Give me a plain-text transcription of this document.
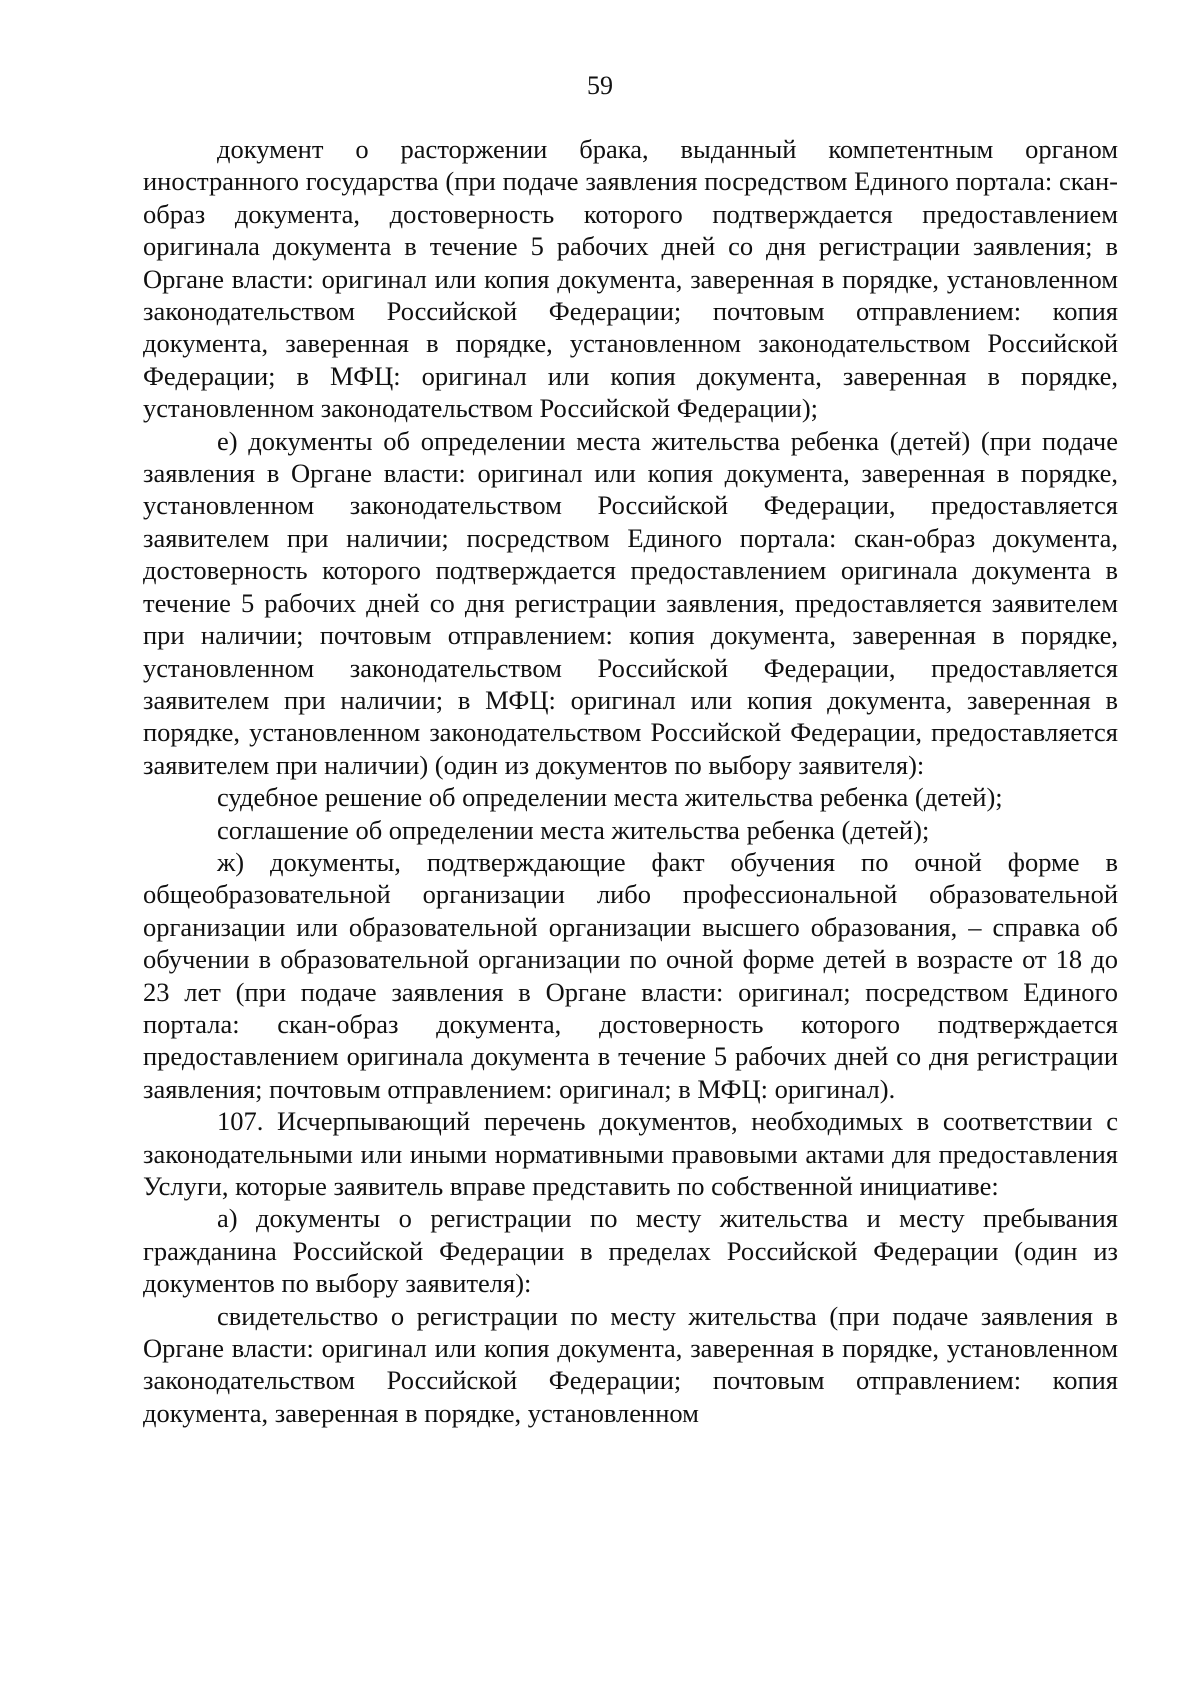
59

документ о расторжении брака, выданный компетентным органом иностранного государства (при подаче заявления посредством Единого портала: скан-образ документа, достоверность которого подтверждается предоставлением оригинала документа в течение 5 рабочих дней со дня регистрации заявления; в Органе власти: оригинал или копия документа, заверенная в порядке, установленном законодательством Российской Федерации; почтовым отправлением: копия документа, заверенная в порядке, установленном законодательством Российской Федерации; в МФЦ: оригинал или копия документа, заверенная в порядке, установленном законодательством Российской Федерации);

е) документы об определении места жительства ребенка (детей) (при подаче заявления в Органе власти: оригинал или копия документа, заверенная в порядке, установленном законодательством Российской Федерации, предоставляется заявителем при наличии; посредством Единого портала: скан-образ документа, достоверность которого подтверждается предоставлением оригинала документа в течение 5 рабочих дней со дня регистрации заявления, предоставляется заявителем при наличии; почтовым отправлением: копия документа, заверенная в порядке, установленном законодательством Российской Федерации, предоставляется заявителем при наличии; в МФЦ: оригинал или копия документа, заверенная в порядке, установленном законодательством Российской Федерации, предоставляется заявителем при наличии) (один из документов по выбору заявителя):

судебное решение об определении места жительства ребенка (детей);

соглашение об определении места жительства ребенка (детей);

ж) документы, подтверждающие факт обучения по очной форме в общеобразовательной организации либо профессиональной образовательной организации или образовательной организации высшего образования, – справка об обучении в образовательной организации по очной форме детей в возрасте от 18 до 23 лет (при подаче заявления в Органе власти: оригинал; посредством Единого портала: скан-образ документа, достоверность которого подтверждается предоставлением оригинала документа в течение 5 рабочих дней со дня регистрации заявления; почтовым отправлением: оригинал; в МФЦ: оригинал).

107. Исчерпывающий перечень документов, необходимых в соответствии с законодательными или иными нормативными правовыми актами для предоставления Услуги, которые заявитель вправе представить по собственной инициативе:

а) документы о регистрации по месту жительства и месту пребывания гражданина Российской Федерации в пределах Российской Федерации (один из документов по выбору заявителя):

свидетельство о регистрации по месту жительства (при подаче заявления в Органе власти: оригинал или копия документа, заверенная в порядке, установленном законодательством Российской Федерации; почтовым отправлением: копия документа, заверенная в порядке, установленном
